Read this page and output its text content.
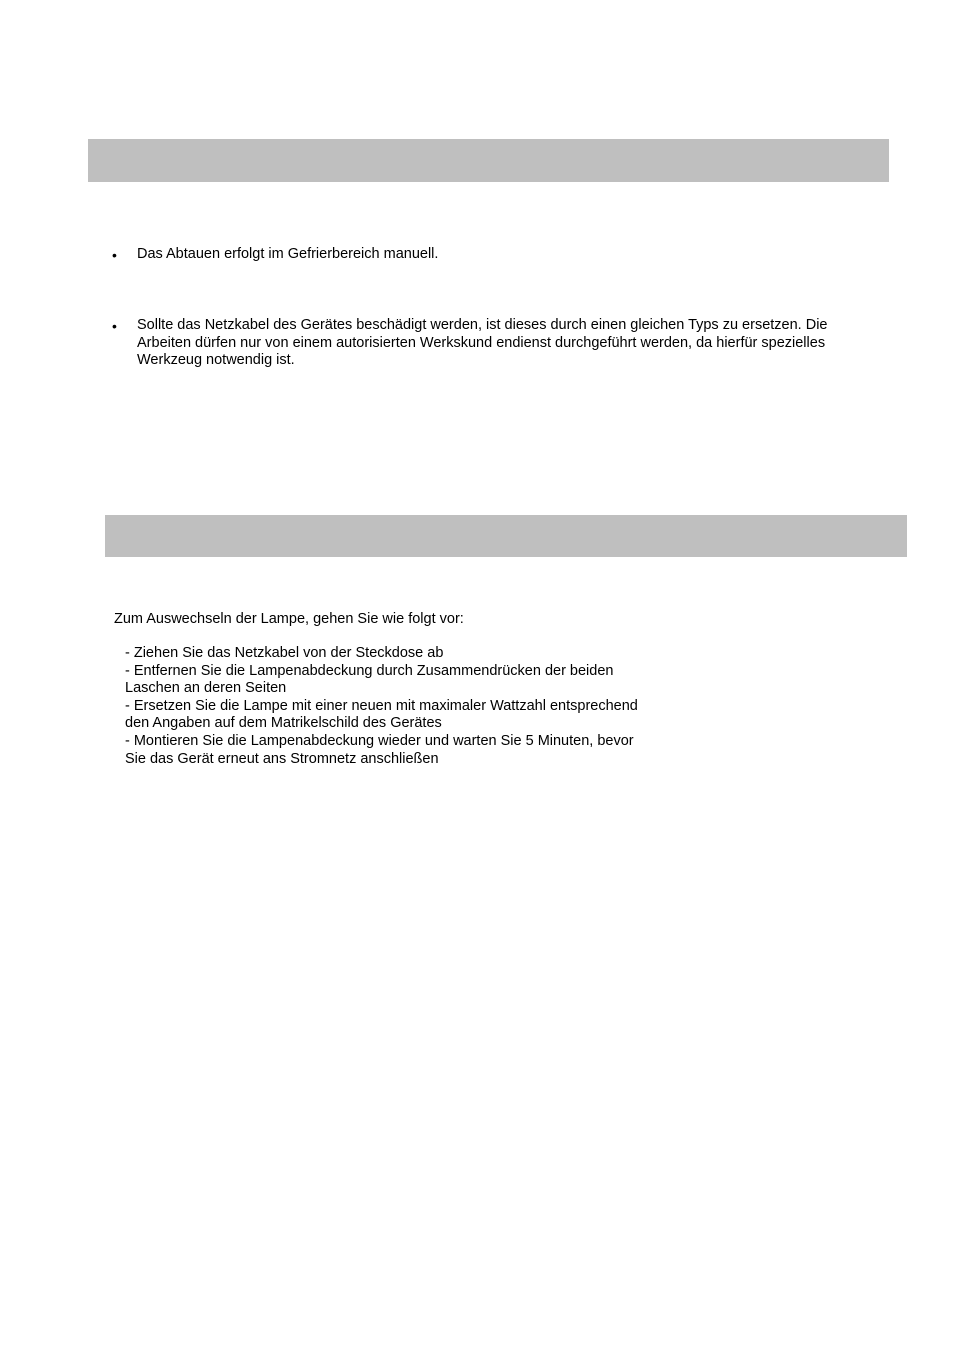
• Das Abtauen erfolgt im Gefrierbereich manuell.
• Sollte das Netzkabel des Gerätes beschädigt werden, ist dieses durch einen gleichen Typs zu ersetzen. Die
Arbeiten dürfen nur von einem autorisierten Werkskund endienst durchgeführt werden, da hierfür spezielles
Werkzeug notwendig ist.
Zum Auswechseln der Lampe, gehen Sie wie folgt vor:
- Ziehen Sie das Netzkabel von der Steckdose ab
- Entfernen Sie die Lampenabdeckung durch Zusammendrücken der beiden
Laschen an deren Seiten
- Ersetzen Sie die Lampe mit einer neuen mit maximaler Wattzahl entsprechend
den Angaben auf dem Matrikelschild des Gerätes
- Montieren Sie die Lampenabdeckung wieder und warten Sie 5 Minuten, bevor
Sie das Gerät erneut ans Stromnetz anschließen
